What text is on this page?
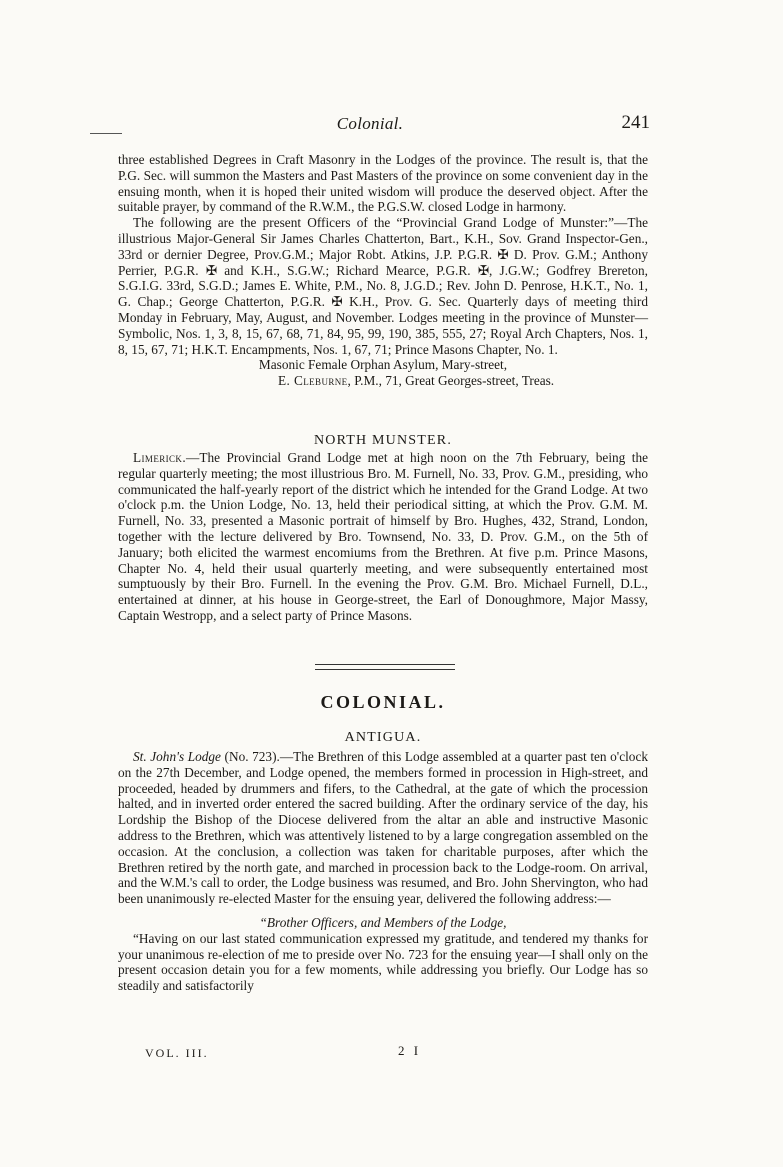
Colonial.	241

three established Degrees in Craft Masonry in the Lodges of the province. The result is, that the P.G. Sec. will summon the Masters and Past Masters of the province on some convenient day in the ensuing month, when it is hoped their united wisdom will produce the deserved object. After the suitable prayer, by command of the R.W.M., the P.G.S.W. closed Lodge in harmony.

The following are the present Officers of the “Provincial Grand Lodge of Munster:”—The illustrious Major-General Sir James Charles Chatterton, Bart., K.H., Sov. Grand Inspector-Gen., 33rd or dernier Degree, Prov.G.M.; Major Robt. Atkins, J.P. P.G.R. ✠ D. Prov. G.M.; Anthony Perrier, P.G.R. ✠ and K.H., S.G.W.; Richard Mearce, P.G.R. ✠, J.G.W.; Godfrey Brereton, S.G.I.G. 33rd, S.G.D.; James E. White, P.M., No. 8, J.G.D.; Rev. John D. Penrose, H.K.T., No. 1, G. Chap.; George Chatterton, P.G.R. ✠ K.H., Prov. G. Sec. Quarterly days of meeting third Monday in February, May, August, and November. Lodges meeting in the province of Munster—Symbolic, Nos. 1, 3, 8, 15, 67, 68, 71, 84, 95, 99, 190, 385, 555, 27; Royal Arch Chapters, Nos. 1, 8, 15, 67, 71; H.K.T. Encampments, Nos. 1, 67, 71; Prince Masons Chapter, No. 1.

Masonic Female Orphan Asylum, Mary-street,

E. Cleburne, P.M., 71, Great Georges-street, Treas.

NORTH MUNSTER.

Limerick.—The Provincial Grand Lodge met at high noon on the 7th February, being the regular quarterly meeting; the most illustrious Bro. M. Furnell, No. 33, Prov. G.M., presiding, who communicated the half-yearly report of the district which he intended for the Grand Lodge. At two o'clock p.m. the Union Lodge, No. 13, held their periodical sitting, at which the Prov. G.M. M. Furnell, No. 33, presented a Masonic portrait of himself by Bro. Hughes, 432, Strand, London, together with the lecture delivered by Bro. Townsend, No. 33, D. Prov. G.M., on the 5th of January; both elicited the warmest encomiums from the Brethren. At five p.m. Prince Masons, Chapter No. 4, held their usual quarterly meeting, and were subsequently entertained most sumptuously by their Bro. Furnell. In the evening the Prov. G.M. Bro. Michael Furnell, D.L., entertained at dinner, at his house in George-street, the Earl of Donoughmore, Major Massy, Captain Westropp, and a select party of Prince Masons.

COLONIAL.
ANTIGUA.

St. John's Lodge (No. 723).—The Brethren of this Lodge assembled at a quarter past ten o'clock on the 27th December, and Lodge opened, the members formed in procession in High-street, and proceeded, headed by drummers and fifers, to the Cathedral, at the gate of which the procession halted, and in inverted order entered the sacred building. After the ordinary service of the day, his Lordship the Bishop of the Diocese delivered from the altar an able and instructive Masonic address to the Brethren, which was attentively listened to by a large congregation assembled on the occasion. At the conclusion, a collection was taken for charitable purposes, after which the Brethren retired by the north gate, and marched in procession back to the Lodge-room. On arrival, and the W.M.'s call to order, the Lodge business was resumed, and Bro. John Shervington, who had been unanimously re-elected Master for the ensuing year, delivered the following address:—

“Brother Officers, and Members of the Lodge,

“Having on our last stated communication expressed my gratitude, and tendered my thanks for your unanimous re-election of me to preside over No. 723 for the ensuing year—I shall only on the present occasion detain you for a few moments, while addressing you briefly. Our Lodge has so steadily and satisfactorily

VOL. III.	2 I
